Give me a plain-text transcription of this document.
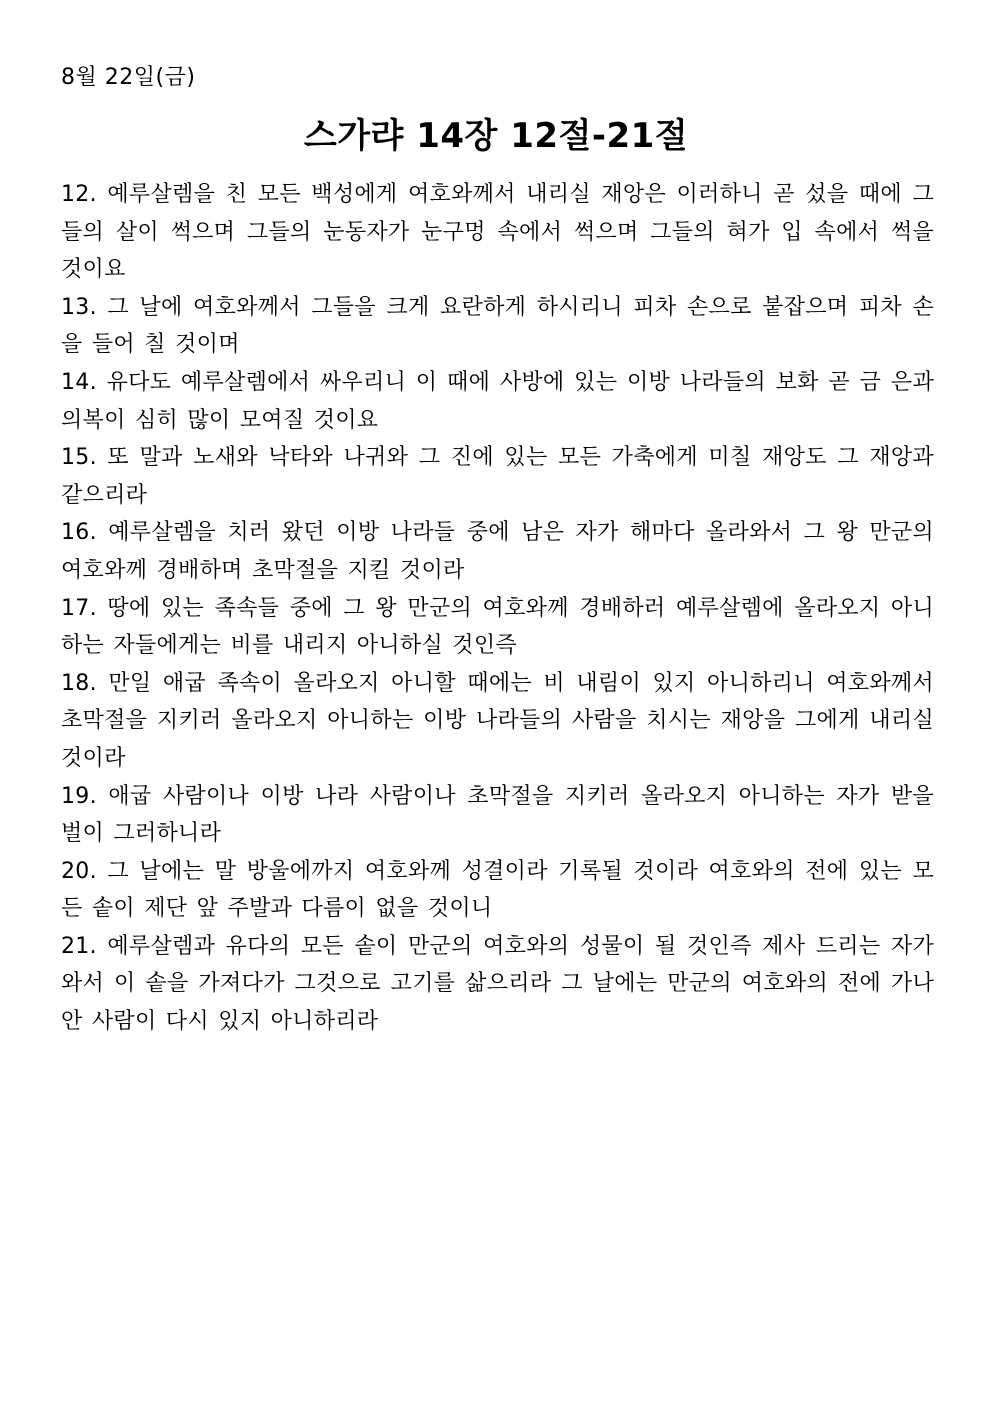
8월 22일(금)
스가랴 14장 12절-21절
12. 예루살렘을 친 모든 백성에게 여호와께서 내리실 재앙은 이러하니 곧 섰을 때에 그들의 살이 썩으며 그들의 눈동자가 눈구멍 속에서 썩으며 그들의 혀가 입 속에서 썩을 것이요
13. 그 날에 여호와께서 그들을 크게 요란하게 하시리니 피차 손으로 붙잡으며 피차 손을 들어 칠 것이며
14. 유다도 예루살렘에서 싸우리니 이 때에 사방에 있는 이방 나라들의 보화 곧 금 은과 의복이 심히 많이 모여질 것이요
15. 또 말과 노새와 낙타와 나귀와 그 진에 있는 모든 가축에게 미칠 재앙도 그 재앙과 같으리라
16. 예루살렘을 치러 왔던 이방 나라들 중에 남은 자가 해마다 올라와서 그 왕 만군의 여호와께 경배하며 초막절을 지킬 것이라
17. 땅에 있는 족속들 중에 그 왕 만군의 여호와께 경배하러 예루살렘에 올라오지 아니하는 자들에게는 비를 내리지 아니하실 것인즉
18. 만일 애굽 족속이 올라오지 아니할 때에는 비 내림이 있지 아니하리니 여호와께서 초막절을 지키러 올라오지 아니하는 이방 나라들의 사람을 치시는 재앙을 그에게 내리실 것이라
19. 애굽 사람이나 이방 나라 사람이나 초막절을 지키러 올라오지 아니하는 자가 받을 벌이 그러하니라
20. 그 날에는 말 방울에까지 여호와께 성결이라 기록될 것이라 여호와의 전에 있는 모든 솥이 제단 앞 주발과 다름이 없을 것이니
21. 예루살렘과 유다의 모든 솥이 만군의 여호와의 성물이 될 것인즉 제사 드리는 자가 와서 이 솥을 가져다가 그것으로 고기를 삶으리라 그 날에는 만군의 여호와의 전에 가나안 사람이 다시 있지 아니하리라
